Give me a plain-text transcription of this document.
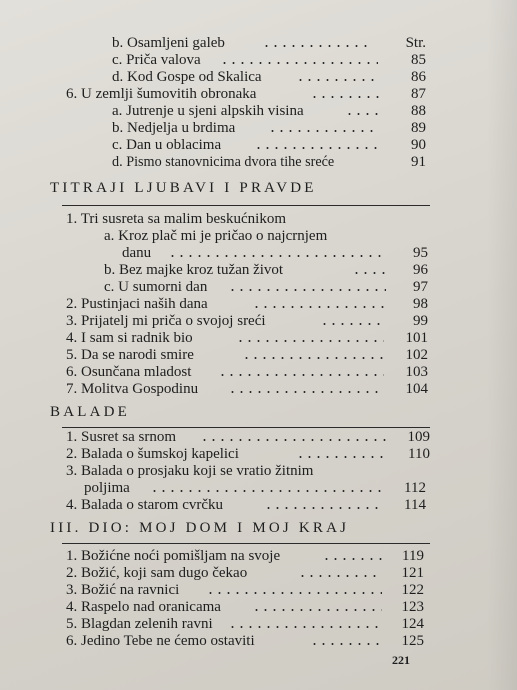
b. Osamljeni galeb	Str.
c. Priča valova	85
d. Kod Gospe od Skalica	86
6. U zemlji šumovitih obronaka	87
a. Jutrenje u sjeni alpskih visina	88
b. Nedjelja u brdima	89
c. Dan u oblacima	90
d. Pismo stanovnicima dvora tihe sreće	91
TITRAJI LJUBAVI I PRAVDE
1. Tri susreta sa malim beskućnikom
a. Kroz plač mi je pričao o najcrnjem
danu	95
b. Bez majke kroz tužan život	96
c. U sumorni dan	97
2. Pustinjaci naših dana	98
3. Prijatelj mi priča o svojoj sreći	99
4. I sam si radnik bio	101
5. Da se narodi smire	102
6. Osunčana mladost	103
7. Molitva Gospodinu	104
BALADE
1. Susret sa srnom	109
2. Balada o šumskoj kapelici	110
3. Balada o prosjaku koji se vratio žitnim
poljima	112
4. Balada o starom cvrčku	114
III. DIO: MOJ DOM I MOJ KRAJ
1. Božićne noći pomišljam na svoje	119
2. Božić, koji sam dugo čekao	121
3. Božić na ravnici	122
4. Raspelo nad oranicama	123
5. Blagdan zelenih ravni	124
6. Jedino Tebe ne ćemo ostaviti	125
221
